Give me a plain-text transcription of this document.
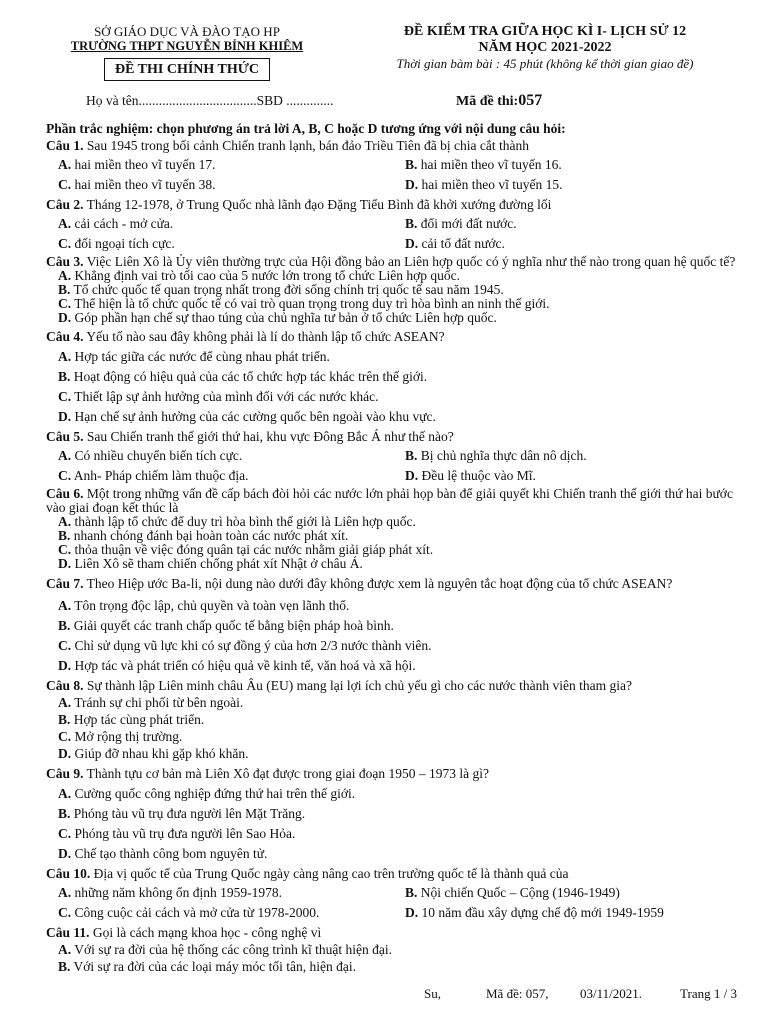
SỞ GIÁO DỤC VÀ ĐÀO TẠO HP
TRƯỜNG THPT NGUYỄN BỈNH KHIÊM
ĐỀ THI CHÍNH THỨC
ĐỀ KIỂM TRA GIỮA HỌC KÌ I- LỊCH SỬ 12
NĂM HỌC 2021-2022
Thời gian bàm bài : 45 phút (không kể thời gian giao đề)
Họ và tên...................................SBD ..............	Mã đề thi:057
Phần trắc nghiệm: chọn phương án trả lời A, B, C hoặc D tương ứng với nội dung câu hỏi:
Câu 1. Sau 1945 trong bối cảnh Chiến tranh lạnh, bán đảo Triều Tiên đã bị chia cắt thành
A. hai miền theo vĩ tuyến 17.	B. hai miền theo vĩ tuyến 16.
C. hai miền theo vĩ tuyến 38.	D. hai miền theo vĩ tuyến 15.
Câu 2. Tháng 12-1978, ở Trung Quốc nhà lãnh đạo Đặng Tiểu Bình đã khởi xướng đường lối
A. cải cách - mở cửa.	B. đổi mới đất nước.
C. đối ngoại tích cực.	D. cải tổ đất nước.
Câu 3. Việc Liên Xô là Ủy viên thường trực của Hội đồng bảo an Liên hợp quốc có ý nghĩa như thế nào trong quan hệ quốc tế?
A. Khẳng định vai trò tối cao của 5 nước lớn trong tổ chức Liên hợp quốc.
B. Tổ chức quốc tế quan trọng nhất trong đời sống chính trị quốc tế sau năm 1945.
C. Thể hiện là tổ chức quốc tế có vai trò quan trọng trong duy trì hòa bình an ninh thế giới.
D. Góp phần hạn chế sự thao túng của chủ nghĩa tư bản ở tổ chức Liên hợp quốc.
Câu 4. Yếu tố nào sau đây không phải là lí do thành lập tổ chức ASEAN?
A. Hợp tác giữa các nước để cùng nhau phát triển.
B. Hoạt động có hiệu quả của các tổ chức hợp tác khác trên thế giới.
C. Thiết lập sự ảnh hưởng của mình đối với các nước khác.
D. Hạn chế sự ảnh hưởng của các cường quốc bên ngoài vào khu vực.
Câu 5. Sau Chiến tranh thế giới thứ hai, khu vực Đông Bắc Á như thế nào?
A. Có nhiều chuyển biến tích cực.	B. Bị chủ nghĩa thực dân nô dịch.
C. Anh- Pháp chiếm làm thuộc địa.	D. Đều lệ thuộc vào Mĩ.
Câu 6. Một trong những vấn đề cấp bách đòi hỏi các nước lớn phải họp bàn để giải quyết khi Chiến tranh thế giới thứ hai bước vào giai đoạn kết thúc là
A. thành lập tổ chức để duy trì hòa bình thế giới là Liên hợp quốc.
B. nhanh chóng đánh bại hoàn toàn các nước phát xít.
C. thỏa thuận về việc đóng quân tại các nước nhằm giải giáp phát xít.
D. Liên Xô sẽ tham chiến chống phát xít Nhật ở châu Á.
Câu 7. Theo Hiệp ước Ba-li, nội dung nào dưới đây không được xem là nguyên tắc hoạt động của tổ chức ASEAN?
A. Tôn trọng độc lập, chủ quyền và toàn vẹn lãnh thổ.
B. Giải quyết các tranh chấp quốc tế bằng biện pháp hoà bình.
C. Chỉ sử dụng vũ lực khi có sự đồng ý của hơn 2/3 nước thành viên.
D. Hợp tác và phát triển có hiệu quả về kinh tế, văn hoá và xã hội.
Câu 8. Sự thành lập Liên minh châu Âu (EU) mang lại lợi ích chủ yếu gì cho các nước thành viên tham gia?
A. Tránh sự chi phối từ bên ngoài.
B. Hợp tác cùng phát triển.
C. Mở rộng thị trường.
D. Giúp đỡ nhau khi gặp khó khăn.
Câu 9. Thành tựu cơ bản mà Liên Xô đạt được trong giai đoạn 1950 – 1973 là gì?
A. Cường quốc công nghiệp đứng thứ hai trên thế giới.
B. Phóng tàu vũ trụ đưa người lên Mặt Trăng.
C. Phóng tàu vũ trụ đưa người lên Sao Hỏa.
D. Chế tạo thành công bom nguyên tử.
Câu 10. Địa vị quốc tế của Trung Quốc ngày càng nâng cao trên trường quốc tế là thành quả của
A. những năm không ổn định 1959-1978.	B. Nội chiến Quốc – Cộng (1946-1949)
C. Công cuộc cải cách và mở cửa từ 1978-2000.	D. 10 năm đầu xây dựng chế độ mới 1949-1959
Câu 11. Gọi là cách mạng khoa học - công nghệ vì
A. Với sự ra đời của hệ thống các công trình kĩ thuật hiện đại.
B. Với sự ra đời của các loại máy móc tối tân, hiện đại.
Su,	Mã đề: 057, 03/11/2021.	Trang 1 / 3
